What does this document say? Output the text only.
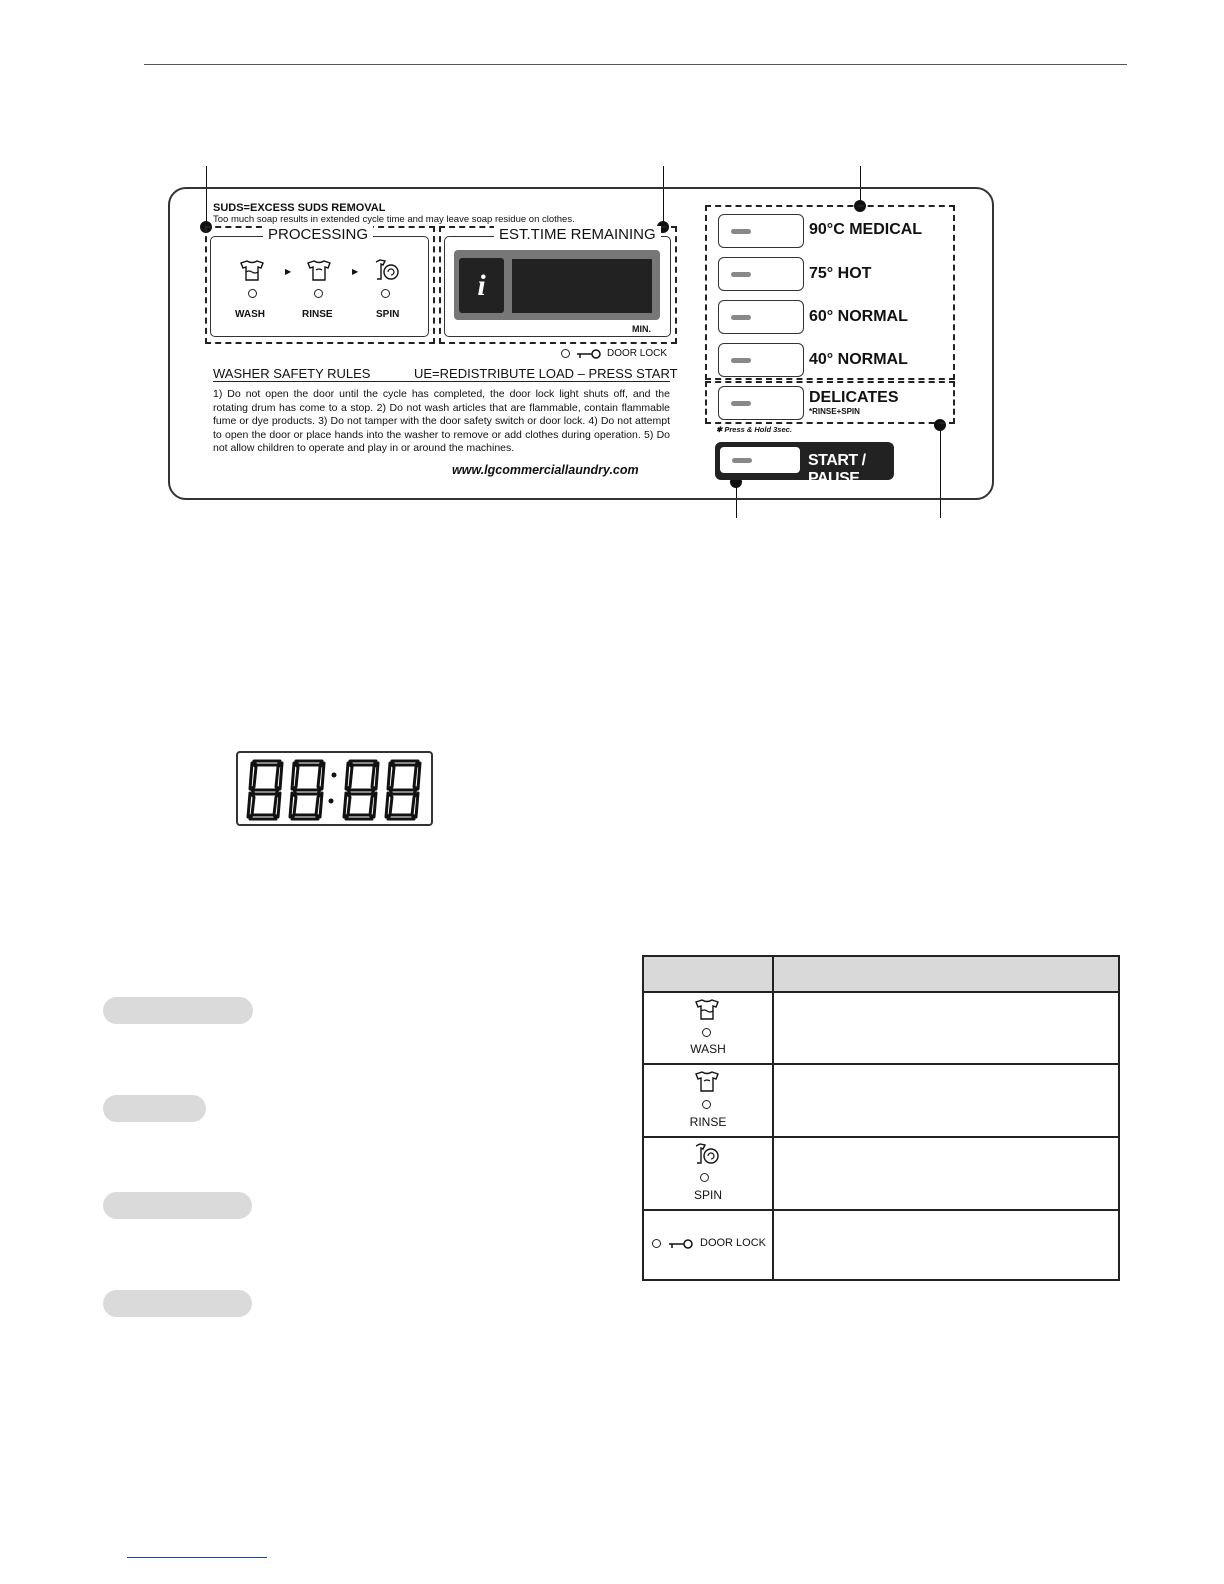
SUDS=EXCESS SUDS REMOVAL
Too much soap results in extended cycle time and may leave soap residue on clothes.
PROCESSING
▶	▶
WASH	RINSE	SPIN
EST.TIME REMAINING
i
MIN.
DOOR LOCK
WASHER SAFETY RULES	UE=REDISTRIBUTE LOAD – PRESS START
1) Do not open the door until the cycle has completed, the door lock light shuts off, and the rotating drum has come to a stop. 2) Do not wash articles that are flammable, contain flammable fume or dye products. 3) Do not tamper with the door safety switch or door lock. 4) Do not attempt to open the door or place hands into the washer to remove or add clothes during operation. 5) Do not allow children to operate and play in or around the machines.
www.lgcommerciallaundry.com
90°C MEDICAL
75° HOT
60° NORMAL
40° NORMAL
DELICATES
*RINSE+SPIN
✱ Press & Hold 3sec.
START / PAUSE
WASH
RINSE
SPIN
DOOR LOCK
